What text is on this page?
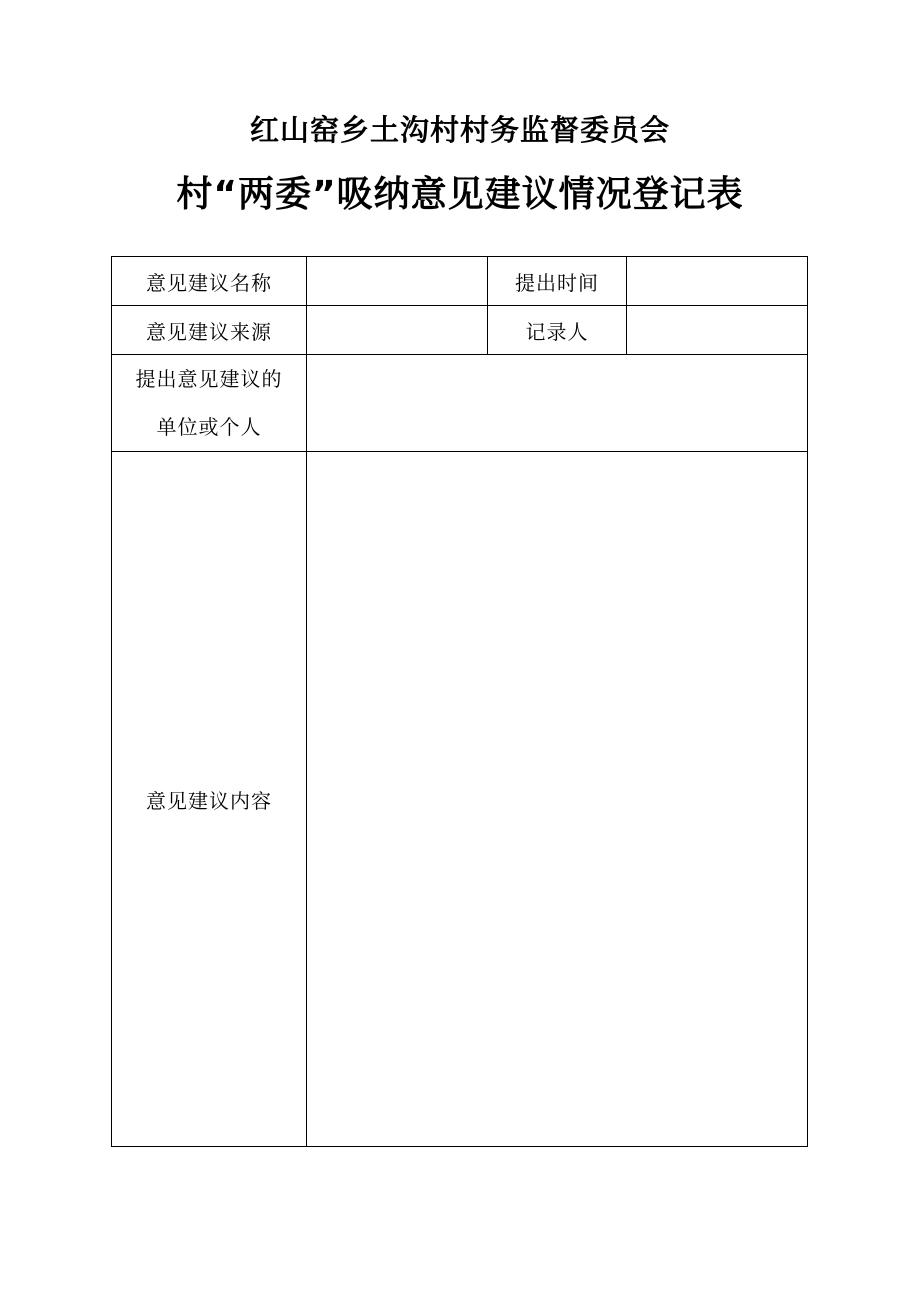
红山窑乡土沟村村务监督委员会
村“两委”吸纳意见建议情况登记表
意见建议名称		提出时间	
意见建议来源		记录人	

提出意见建议的
单位或个人			

意见建议内容			
